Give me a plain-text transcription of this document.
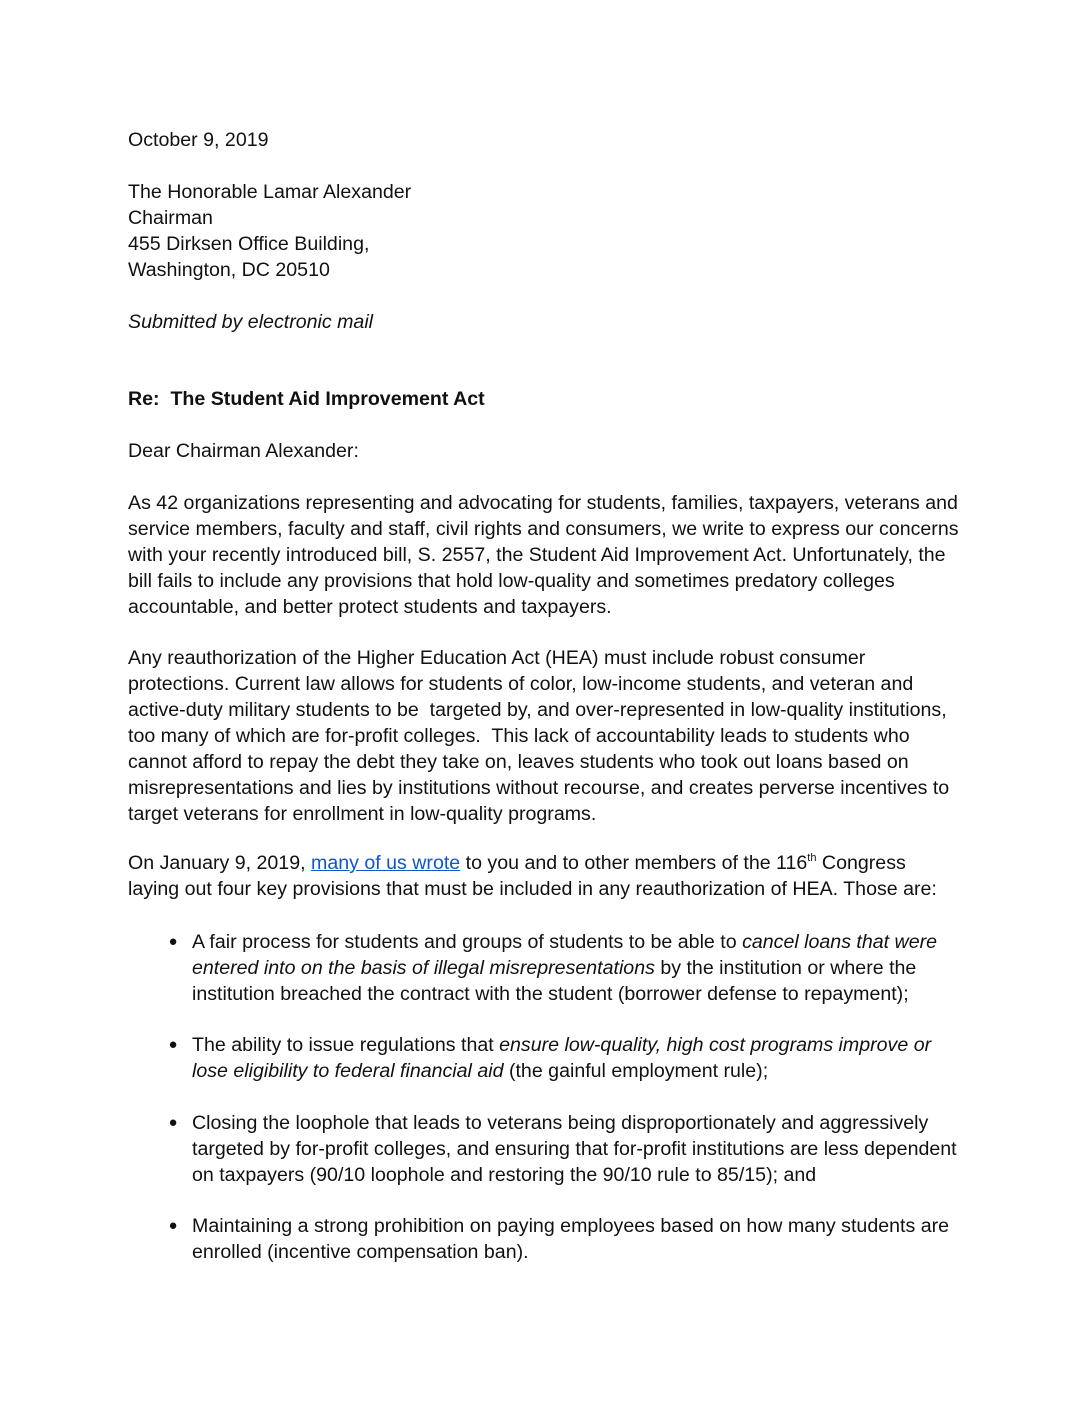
October 9, 2019

The Honorable Lamar Alexander
Chairman
455 Dirksen Office Building,
Washington, DC 20510

Submitted by electronic mail

Re:  The Student Aid Improvement Act

Dear Chairman Alexander:

As 42 organizations representing and advocating for students, families, taxpayers, veterans and
service members, faculty and staff, civil rights and consumers, we write to express our concerns
with your recently introduced bill, S. 2557, the Student Aid Improvement Act. Unfortunately, the
bill fails to include any provisions that hold low-quality and sometimes predatory colleges
accountable, and better protect students and taxpayers.

Any reauthorization of the Higher Education Act (HEA) must include robust consumer
protections. Current law allows for students of color, low-income students, and veteran and
active-duty military students to be  targeted by, and over-represented in low-quality institutions,
too many of which are for-profit colleges.  This lack of accountability leads to students who
cannot afford to repay the debt they take on, leaves students who took out loans based on
misrepresentations and lies by institutions without recourse, and creates perverse incentives to
target veterans for enrollment in low-quality programs.

On January 9, 2019, many of us wrote to you and to other members of the 116th Congress
laying out four key provisions that must be included in any reauthorization of HEA. Those are:

● A fair process for students and groups of students to be able to cancel loans that were
entered into on the basis of illegal misrepresentations by the institution or where the
institution breached the contract with the student (borrower defense to repayment);
● The ability to issue regulations that ensure low-quality, high cost programs improve or
lose eligibility to federal financial aid (the gainful employment rule);
● Closing the loophole that leads to veterans being disproportionately and aggressively
targeted by for-profit colleges, and ensuring that for-profit institutions are less dependent
on taxpayers (90/10 loophole and restoring the 90/10 rule to 85/15); and
● Maintaining a strong prohibition on paying employees based on how many students are
enrolled (incentive compensation ban).
